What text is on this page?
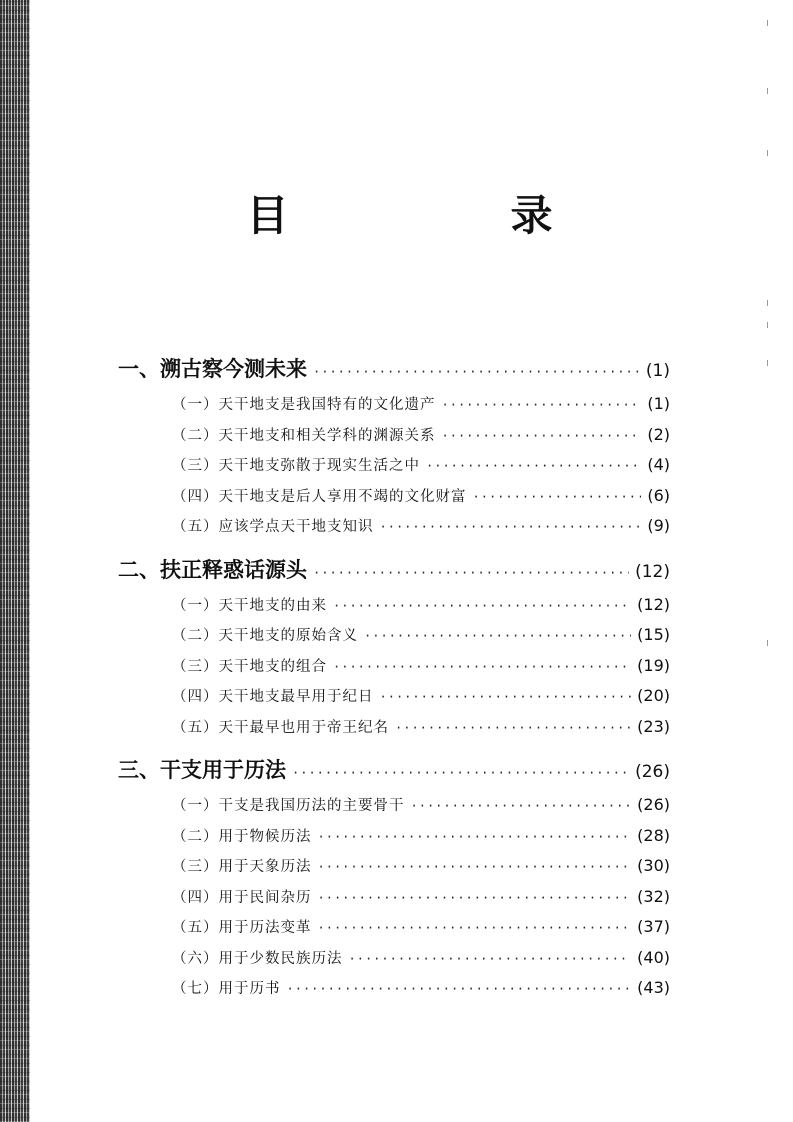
目　录
一、溯古察今测未来 ·····	(1)
（一）天干地支是我国特有的文化遗产 ·····	(1)
（二）天干地支和相关学科的渊源关系 ·····	(2)
（三）天干地支弥散于现实生活之中 ·····	(4)
（四）天干地支是后人享用不竭的文化财富 ·····	(6)
（五）应该学点天干地支知识 ·····	(9)
二、扶正释惑话源头 ·····	(12)
（一）天干地支的由来 ·····	(12)
（二）天干地支的原始含义 ·····	(15)
（三）天干地支的组合 ·····	(19)
（四）天干地支最早用于纪日 ·····	(20)
（五）天干最早也用于帝王纪名 ·····	(23)
三、干支用于历法 ·····	(26)
（一）干支是我国历法的主要骨干 ·····	(26)
（二）用于物候历法 ·····	(28)
（三）用于天象历法 ·····	(30)
（四）用于民间杂历 ·····	(32)
（五）用于历法变革 ·····	(37)
（六）用于少数民族历法 ·····	(40)
（七）用于历书 ·····	(43)
